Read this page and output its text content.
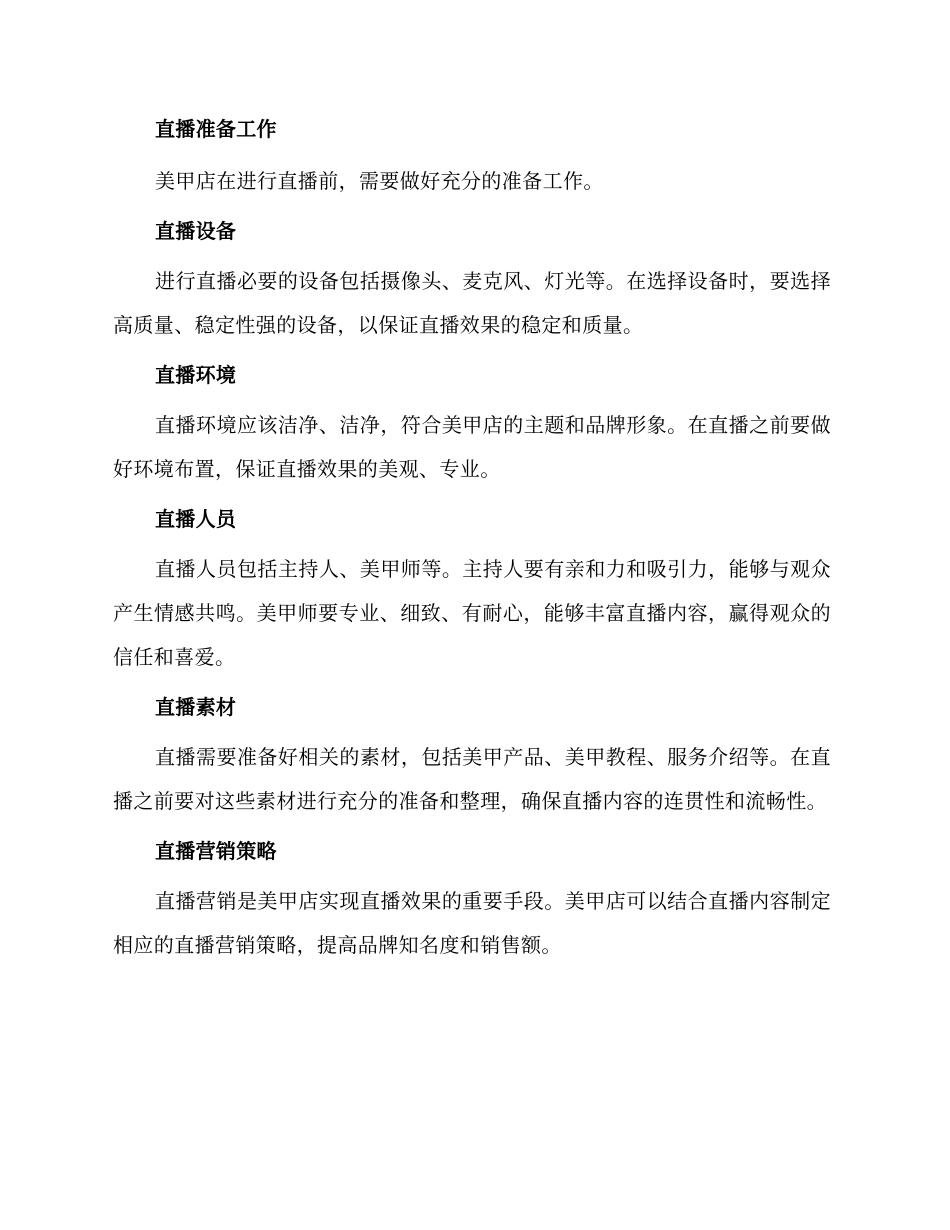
直播准备工作
美甲店在进行直播前，需要做好充分的准备工作。
直播设备
进行直播必要的设备包括摄像头、麦克风、灯光等。在选择设备时，要选择高质量、稳定性强的设备，以保证直播效果的稳定和质量。
直播环境
直播环境应该洁净、洁净，符合美甲店的主题和品牌形象。在直播之前要做好环境布置，保证直播效果的美观、专业。
直播人员
直播人员包括主持人、美甲师等。主持人要有亲和力和吸引力，能够与观众产生情感共鸣。美甲师要专业、细致、有耐心，能够丰富直播内容，赢得观众的信任和喜爱。
直播素材
直播需要准备好相关的素材，包括美甲产品、美甲教程、服务介绍等。在直播之前要对这些素材进行充分的准备和整理，确保直播内容的连贯性和流畅性。
直播营销策略
直播营销是美甲店实现直播效果的重要手段。美甲店可以结合直播内容制定相应的直播营销策略，提高品牌知名度和销售额。
